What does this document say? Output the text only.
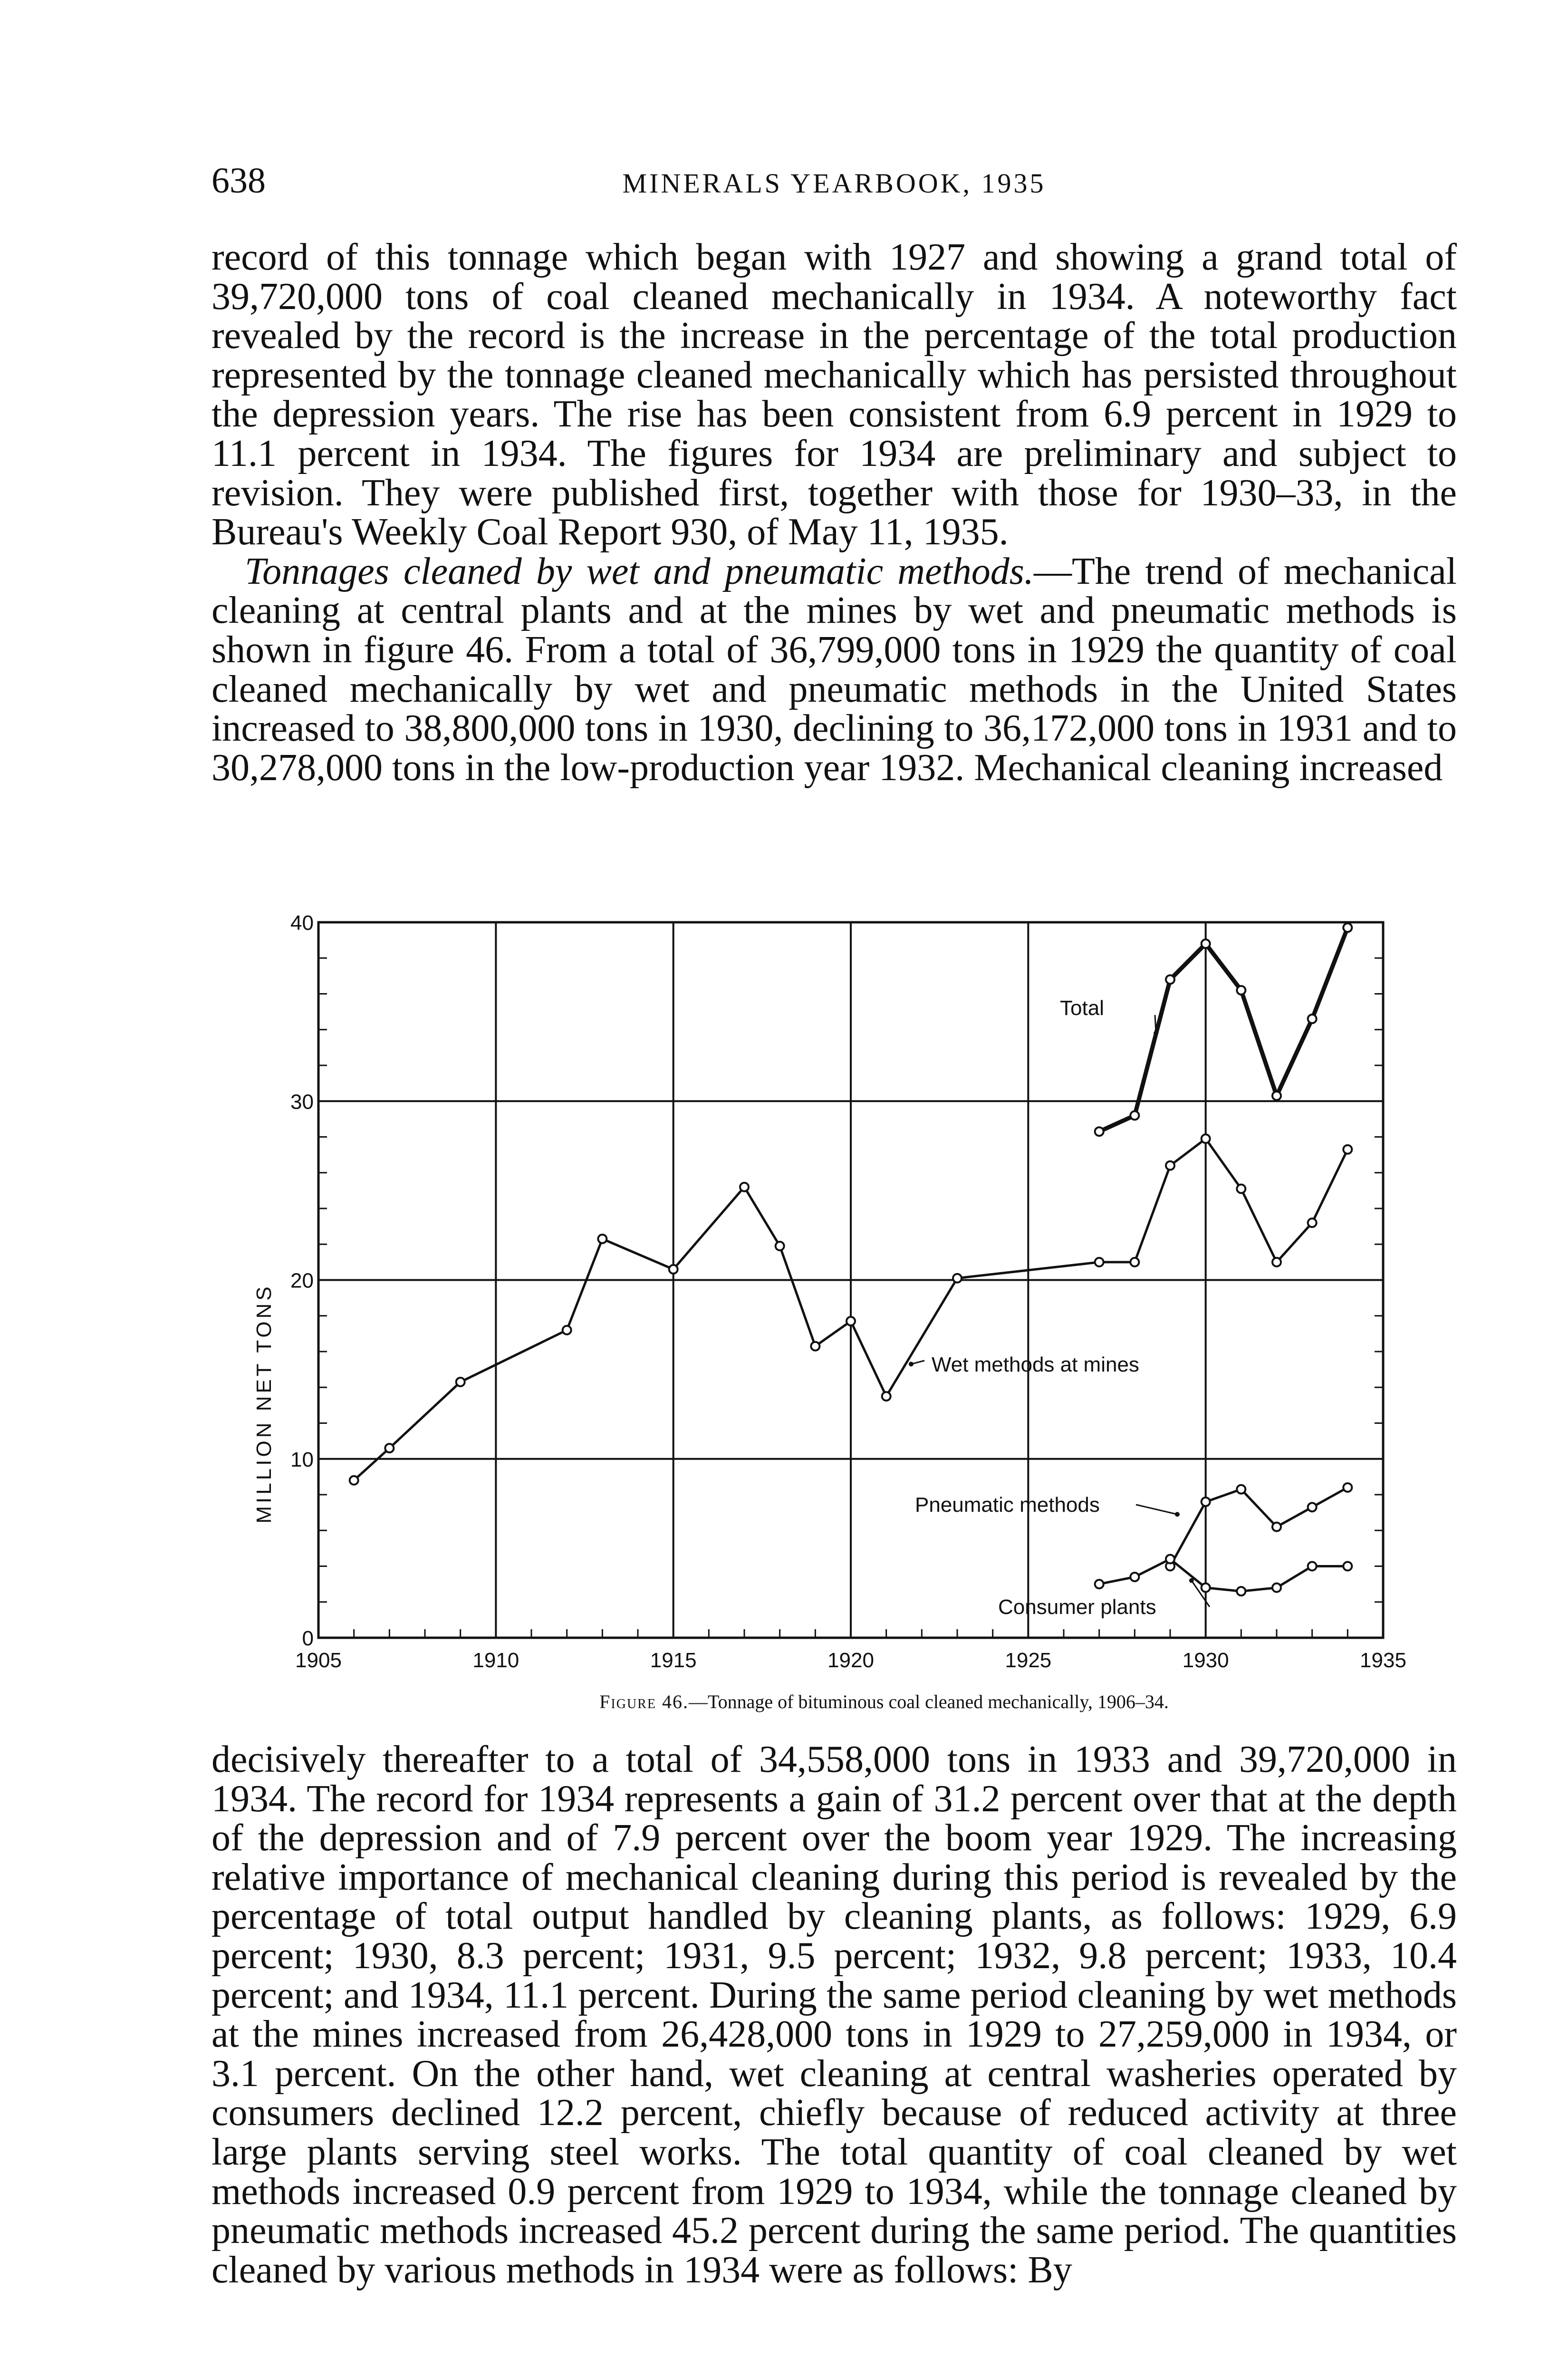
638	MINERALS YEARBOOK, 1935

record of this tonnage which began with 1927 and showing a grand total of 39,720,000 tons of coal cleaned mechanically in 1934. A noteworthy fact revealed by the record is the increase in the percentage of the total production represented by the tonnage cleaned mechanically which has persisted throughout the depression years. The rise has been consistent from 6.9 percent in 1929 to 11.1 percent in 1934. The figures for 1934 are preliminary and subject to revision. They were published first, together with those for 1930–33, in the Bureau's Weekly Coal Report 930, of May 11, 1935.

Tonnages cleaned by wet and pneumatic methods.—The trend of mechanical cleaning at central plants and at the mines by wet and pneumatic methods is shown in figure 46. From a total of 36,799,000 tons in 1929 the quantity of coal cleaned mechanically by wet and pneumatic methods in the United States increased to 38,800,000 tons in 1930, declining to 36,172,000 tons in 1931 and to 30,278,000 tons in the low-production year 1932. Mechanical cleaning increased

1905	1910	1915	1920	1925	1930	1935
0
10
20
30
40
MILLION NET TONS
Total
Wet methods at mines
Pneumatic methods
Consumer plants
Figure 46.—Tonnage of bituminous coal cleaned mechanically, 1906–34.

decisively thereafter to a total of 34,558,000 tons in 1933 and 39,720,000 in 1934. The record for 1934 represents a gain of 31.2 percent over that at the depth of the depression and of 7.9 percent over the boom year 1929. The increasing relative importance of mechanical cleaning during this period is revealed by the percentage of total output handled by cleaning plants, as follows: 1929, 6.9 percent; 1930, 8.3 percent; 1931, 9.5 percent; 1932, 9.8 percent; 1933, 10.4 percent; and 1934, 11.1 percent. During the same period cleaning by wet methods at the mines increased from 26,428,000 tons in 1929 to 27,259,000 in 1934, or 3.1 percent. On the other hand, wet cleaning at central washeries operated by consumers declined 12.2 percent, chiefly because of reduced activity at three large plants serving steel works. The total quantity of coal cleaned by wet methods increased 0.9 percent from 1929 to 1934, while the tonnage cleaned by pneumatic methods increased 45.2 percent during the same period. The quantities cleaned by various methods in 1934 were as follows: By
